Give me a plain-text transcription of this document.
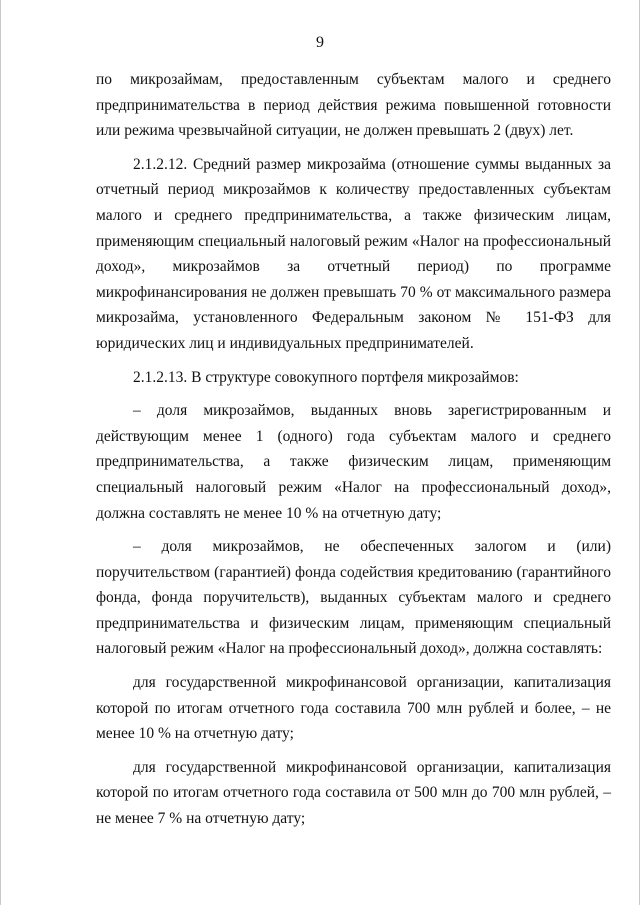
9

по микрозаймам, предоставленным субъектам малого и среднего предпринимательства в период действия режима повышенной готовности или режима чрезвычайной ситуации, не должен превышать 2 (двух) лет.

2.1.2.12. Средний размер микрозайма (отношение суммы выданных за отчетный период микрозаймов к количеству предоставленных субъектам малого и среднего предпринимательства, а также физическим лицам, применяющим специальный налоговый режим «Налог на профессиональный доход», микрозаймов за отчетный период) по программе микрофинансирования не должен превышать 70 % от максимального размера микрозайма, установленного Федеральным законом № 151-ФЗ для юридических лиц и индивидуальных предпринимателей.

2.1.2.13. В структуре совокупного портфеля микрозаймов:

– доля микрозаймов, выданных вновь зарегистрированным и действующим менее 1 (одного) года субъектам малого и среднего предпринимательства, а также физическим лицам, применяющим специальный налоговый режим «Налог на профессиональный доход», должна составлять не менее 10 % на отчетную дату;

– доля микрозаймов, не обеспеченных залогом и (или) поручительством (гарантией) фонда содействия кредитованию (гарантийного фонда, фонда поручительств), выданных субъектам малого и среднего предпринимательства и физическим лицам, применяющим специальный налоговый режим «Налог на профессиональный доход», должна составлять:

для государственной микрофинансовой организации, капитализация которой по итогам отчетного года составила 700 млн рублей и более, – не менее 10 % на отчетную дату;

для государственной микрофинансовой организации, капитализация которой по итогам отчетного года составила от 500 млн до 700 млн рублей, – не менее 7 % на отчетную дату;
